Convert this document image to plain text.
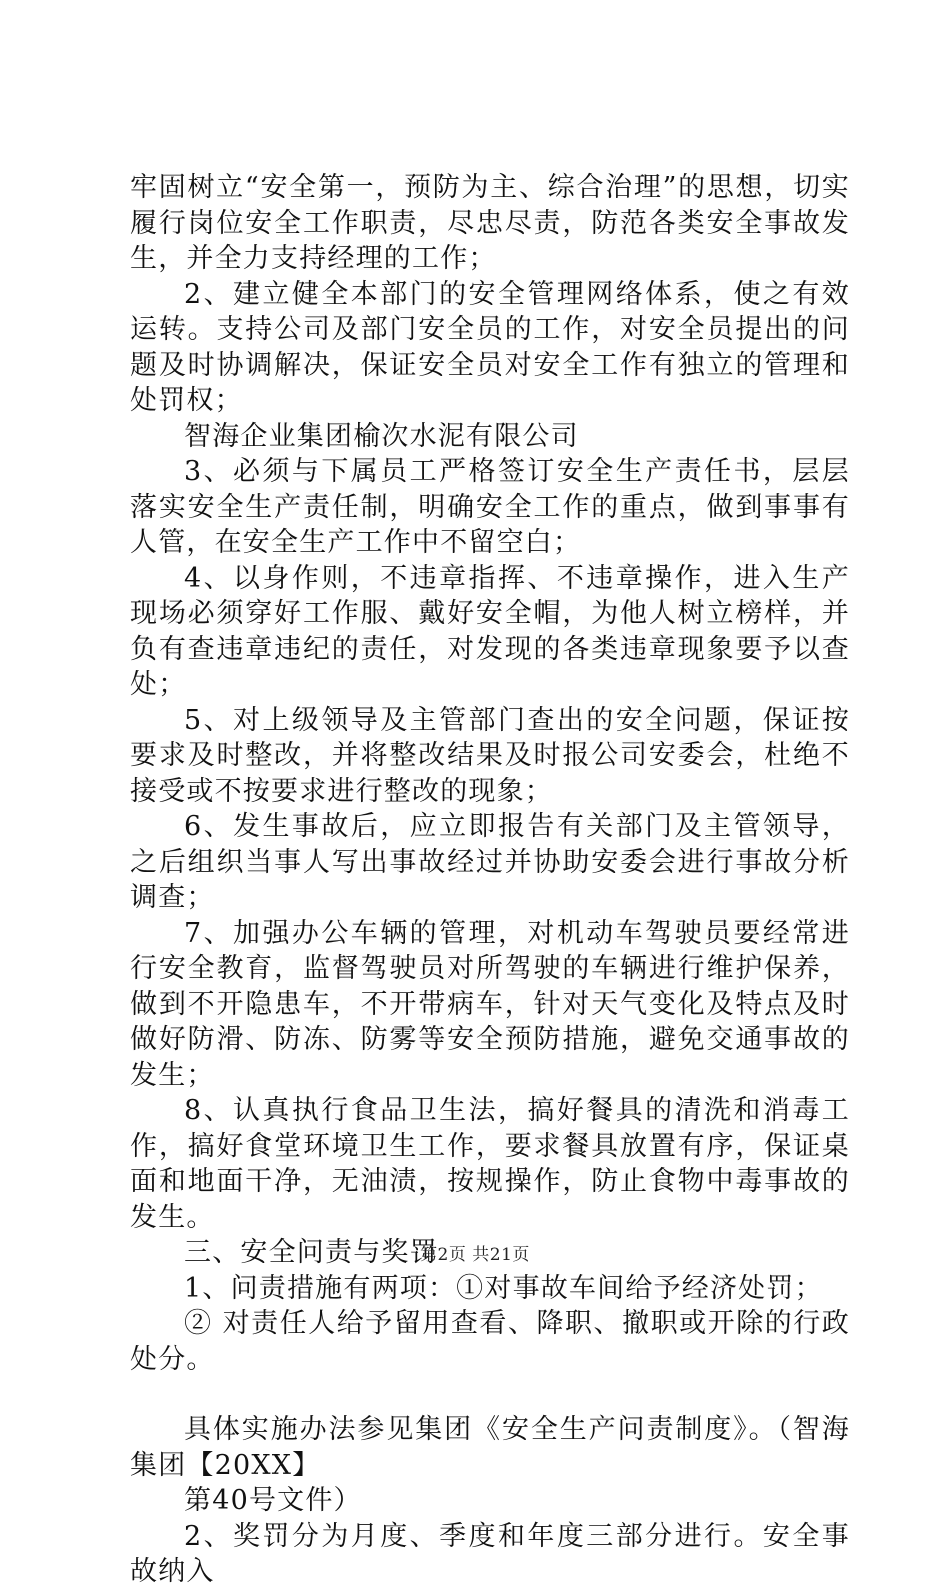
牢固树立“安全第一，预防为主、综合治理”的思想，切实履行岗位安全工作职责，尽忠尽责，防范各类安全事故发生，并全力支持经理的工作；

2、建立健全本部门的安全管理网络体系，使之有效运转。支持公司及部门安全员的工作，对安全员提出的问题及时协调解决，保证安全员对安全工作有独立的管理和处罚权；

智海企业集团榆次水泥有限公司

3、必须与下属员工严格签订安全生产责任书，层层落实安全生产责任制，明确安全工作的重点，做到事事有人管，在安全生产工作中不留空白；

4、以身作则，不违章指挥、不违章操作，进入生产现场必须穿好工作服、戴好安全帽，为他人树立榜样，并负有查违章违纪的责任，对发现的各类违章现象要予以查处；

5、对上级领导及主管部门查出的安全问题，保证按要求及时整改，并将整改结果及时报公司安委会，杜绝不接受或不按要求进行整改的现象；

6、发生事故后，应立即报告有关部门及主管领导，之后组织当事人写出事故经过并协助安委会进行事故分析调查；

7、加强办公车辆的管理，对机动车驾驶员要经常进行安全教育，监督驾驶员对所驾驶的车辆进行维护保养，做到不开隐患车，不开带病车，针对天气变化及特点及时做好防滑、防冻、防雾等安全预防措施，避免交通事故的发生；

8、认真执行食品卫生法，搞好餐具的清洗和消毒工作，搞好食堂环境卫生工作，要求餐具放置有序，保证桌面和地面干净，无油渍，按规操作，防止食物中毒事故的发生。

三、安全问责与奖罚

1、问责措施有两项：①对事故车间给予经济处罚；

② 对责任人给予留用查看、降职、撤职或开除的行政处分。

具体实施办法参见集团《安全生产问责制度》。（智海集团【20XX】

第40号文件）

2、奖罚分为月度、季度和年度三部分进行。安全事故纳入

第2页 共21页
